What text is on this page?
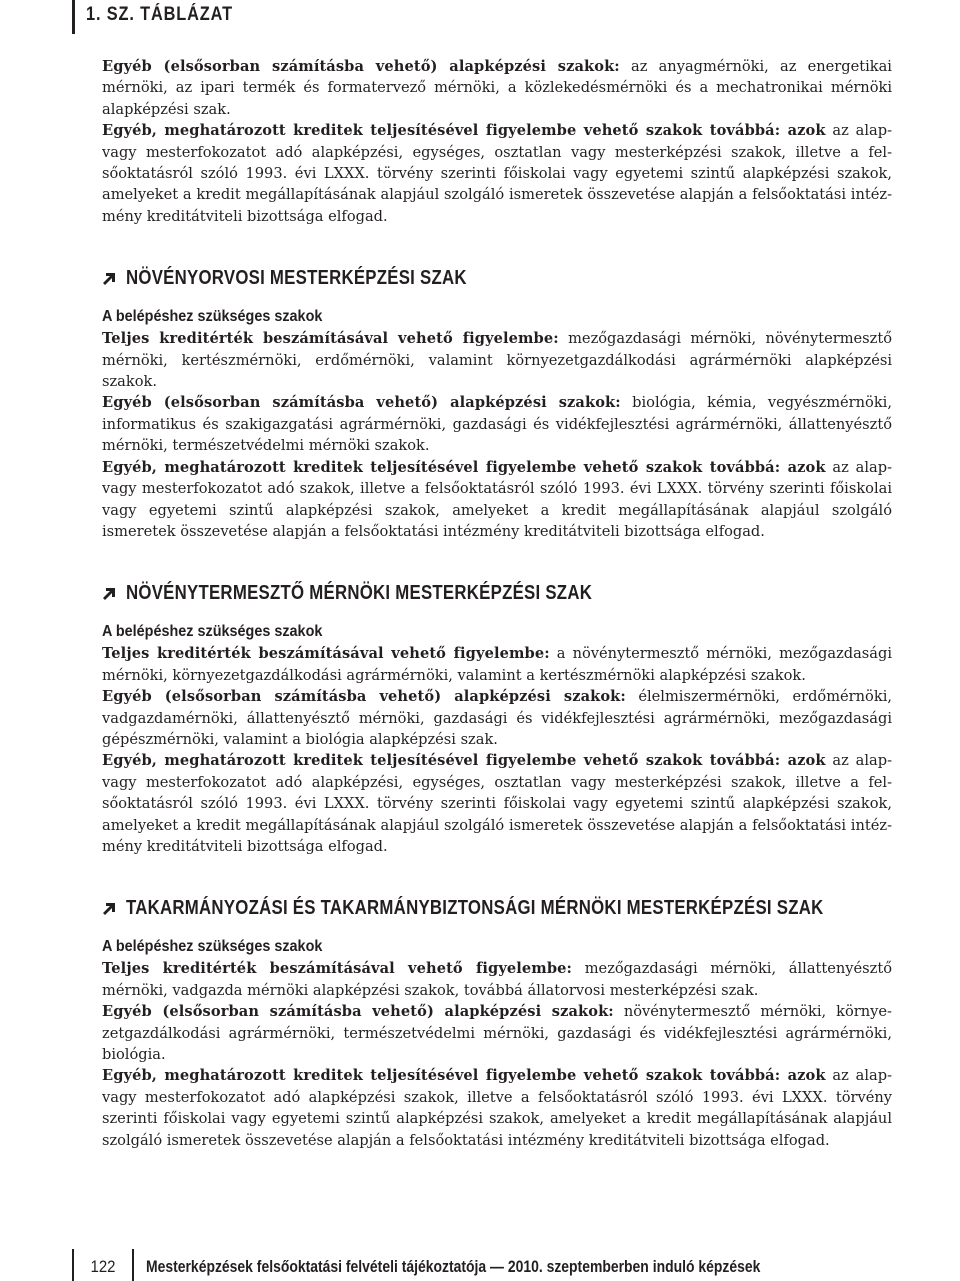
1. SZ. TÁBLÁZAT

Egyéb (elsősorban számításba vehető) alapképzési szakok: az anyagmérnöki, az energetikai mérnöki, az ipari termék és formatervező mérnöki, a közlekedésmérnöki és a mechatronikai mérnöki alapképzési szak.

Egyéb, meghatározott kreditek teljesítésével figyelembe vehető szakok továbbá: azok az alap- vagy mesterfokozatot adó alapképzési, egységes, osztatlan vagy mesterképzési szakok, illetve a felsőoktatásról szóló 1993. évi LXXX. törvény szerinti főiskolai vagy egyetemi szintű alapképzési szakok, amelyeket a kredit megállapításának alapjául szolgáló ismeretek összevetése alapján a felsőoktatási intézmény kreditátviteli bizottsága elfogad.

NÖVÉNYORVOSI MESTERKÉPZÉSI SZAK
A belépéshez szükséges szakok

Teljes kreditérték beszámításával vehető figyelembe: mezőgazdasági mérnöki, növénytermesztő mérnöki, kertészmérnöki, erdőmérnöki, valamint környezetgazdálkodási agrármérnöki alapképzési szakok.

Egyéb (elsősorban számításba vehető) alapképzési szakok: biológia, kémia, vegyészmérnöki, informatikus és szakigazgatási agrármérnöki, gazdasági és vidékfejlesztési agrármérnöki, állattenyésztő mérnöki, természetvédelmi mérnöki szakok.

Egyéb, meghatározott kreditek teljesítésével figyelembe vehető szakok továbbá: azok az alap- vagy mesterfokozatot adó szakok, illetve a felsőoktatásról szóló 1993. évi LXXX. törvény szerinti főiskolai vagy egyetemi szintű alapképzési szakok, amelyeket a kredit megállapításának alapjául szolgáló ismeretek összevetése alapján a felsőoktatási intézmény kreditátviteli bizottsága elfogad.

NÖVÉNYTERMESZTŐ MÉRNÖKI MESTERKÉPZÉSI SZAK
A belépéshez szükséges szakok

Teljes kreditérték beszámításával vehető figyelembe: a növénytermesztő mérnöki, mezőgazdasági mérnöki, környezetgazdálkodási agrármérnöki, valamint a kertészmérnöki alapképzési szakok.

Egyéb (elsősorban számításba vehető) alapképzési szakok: élelmiszermérnöki, erdőmérnöki, vadgazdamérnöki, állattenyésztő mérnöki, gazdasági és vidékfejlesztési agrármérnöki, mezőgazdasági gépészmérnöki, valamint a biológia alapképzési szak.

Egyéb, meghatározott kreditek teljesítésével figyelembe vehető szakok továbbá: azok az alap- vagy mesterfokozatot adó alapképzési, egységes, osztatlan vagy mesterképzési szakok, illetve a felsőoktatásról szóló 1993. évi LXXX. törvény szerinti főiskolai vagy egyetemi szintű alapképzési szakok, amelyeket a kredit megállapításának alapjául szolgáló ismeretek összevetése alapján a felsőoktatási intézmény kreditátviteli bizottsága elfogad.

TAKARMÁNYOZÁSI ÉS TAKARMÁNYBIZTONSÁGI MÉRNÖKI MESTERKÉPZÉSI SZAK
A belépéshez szükséges szakok

Teljes kreditérték beszámításával vehető figyelembe: mezőgazdasági mérnöki, állattenyésztő mérnöki, vadgazda mérnöki alapképzési szakok, továbbá állatorvosi mesterképzési szak.

Egyéb (elsősorban számításba vehető) alapképzési szakok: növénytermesztő mérnöki, környezetgazdálkodási agrármérnöki, természetvédelmi mérnöki, gazdasági és vidékfejlesztési agrármérnöki, biológia.

Egyéb, meghatározott kreditek teljesítésével figyelembe vehető szakok továbbá: azok az alap- vagy mesterfokozatot adó alapképzési szakok, illetve a felsőoktatásról szóló 1993. évi LXXX. törvény szerinti főiskolai vagy egyetemi szintű alapképzési szakok, amelyeket a kredit megállapításának alapjául szolgáló ismeretek összevetése alapján a felsőoktatási intézmény kreditátviteli bizottsága elfogad.

122	Mesterképzések felsőoktatási felvételi tájékoztatója — 2010. szeptemberben induló képzések
